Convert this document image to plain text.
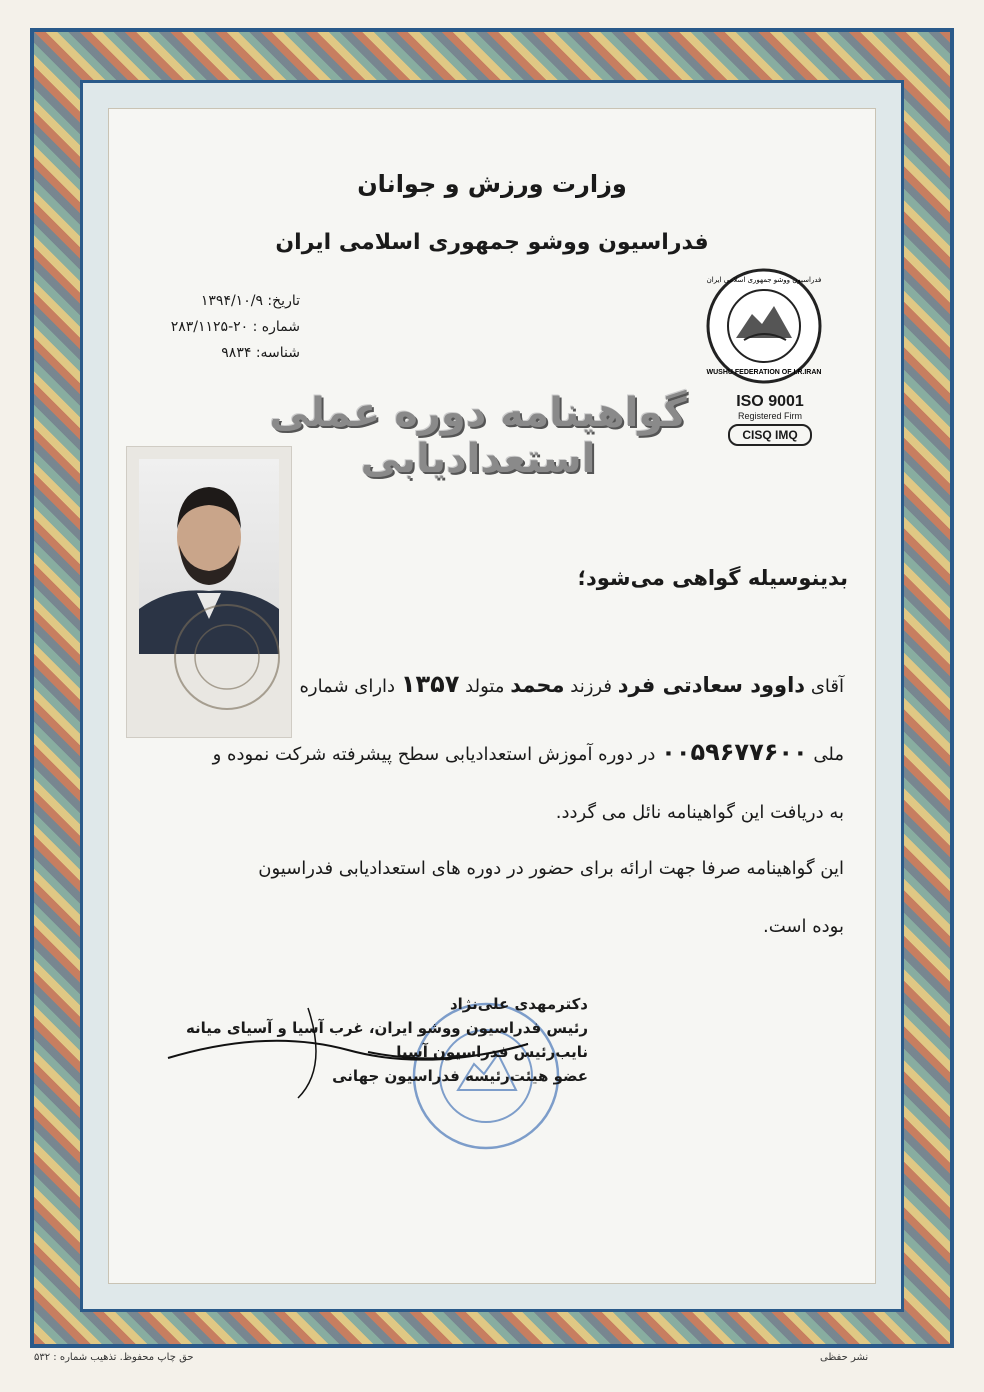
وزارت ورزش و جوانان
فدراسیون ووشو جمهوری اسلامی ایران
تاریخ: ۱۳۹۴/۱۰/۹
شماره : ۲۰-۲۸۳/۱۱۲۵
شناسه: ۹۸۳۴
WUSHU FEDERATION OF I.R.IRAN
فدراسیون ووشو جمهوری اسلامی ایران
ISO 9001
Registered Firm
CISQ IMQ
گواهینامه دوره عملی استعدادیابی
بدینوسیله گواهی می‌شود؛
آقای داوود سعادتی فرد فرزند محمد متولد ۱۳۵۷ دارای شماره
ملی ۰۰۵۹۶۷۷۶۰۰ در دوره آموزش استعدادیابی سطح پیشرفته شرکت نموده و
به دریافت این گواهینامه نائل می گردد.
این گواهینامه صرفا جهت ارائه برای حضور در دوره های استعدادیابی فدراسیون
بوده است.
دکترمهدی علی‌نژاد
رئیس فدراسیون ووشو ایران، غرب آسیا و آسیای میانه
نایب‌رئیس فدراسیون آسیا
عضو هیئت‌رئیسه فدراسیون جهانی
حق چاپ محفوظ. تذهیب شماره : ۵۳۲	نشر حفظی
